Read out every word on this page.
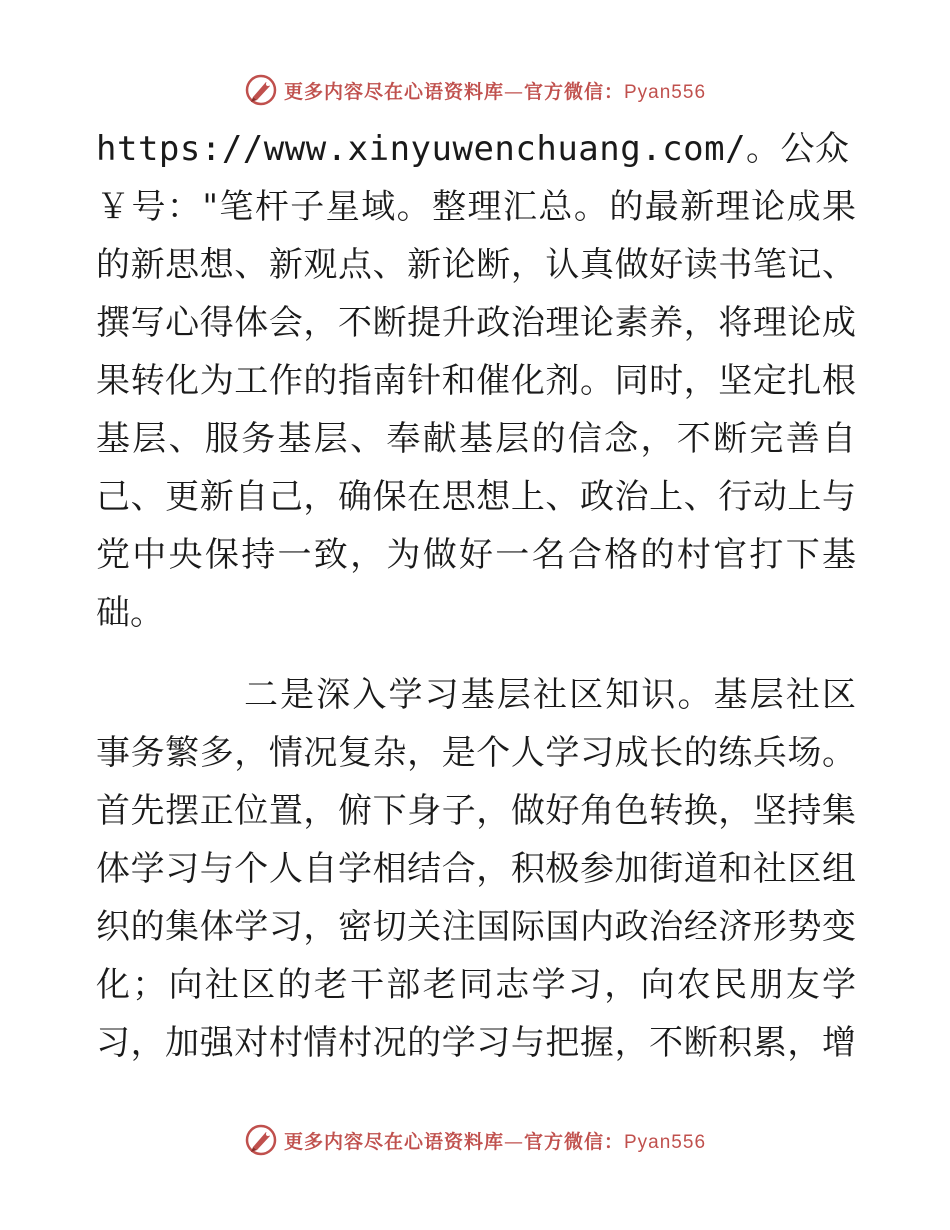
更多内容尽在心语资料库—官方微信：Pyan556
https://www.xinyuwenchuang.com/。公众
￥号："笔杆子星域。整理汇总。的最新理论成果
的新思想、新观点、新论断，认真做好读书笔记、
撰写心得体会，不断提升政治理论素养，将理论成
果转化为工作的指南针和催化剂。同时，坚定扎根
基层、服务基层、奉献基层的信念，不断完善自
己、更新自己，确保在思想上、政治上、行动上与
党中央保持一致，为做好一名合格的村官打下基
础。
二是深入学习基层社区知识。基层社区
事务繁多，情况复杂，是个人学习成长的练兵场。
首先摆正位置，俯下身子，做好角色转换，坚持集
体学习与个人自学相结合，积极参加街道和社区组
织的集体学习，密切关注国际国内政治经济形势变
化；向社区的老干部老同志学习，向农民朋友学
习，加强对村情村况的学习与把握，不断积累，增
更多内容尽在心语资料库—官方微信：Pyan556
